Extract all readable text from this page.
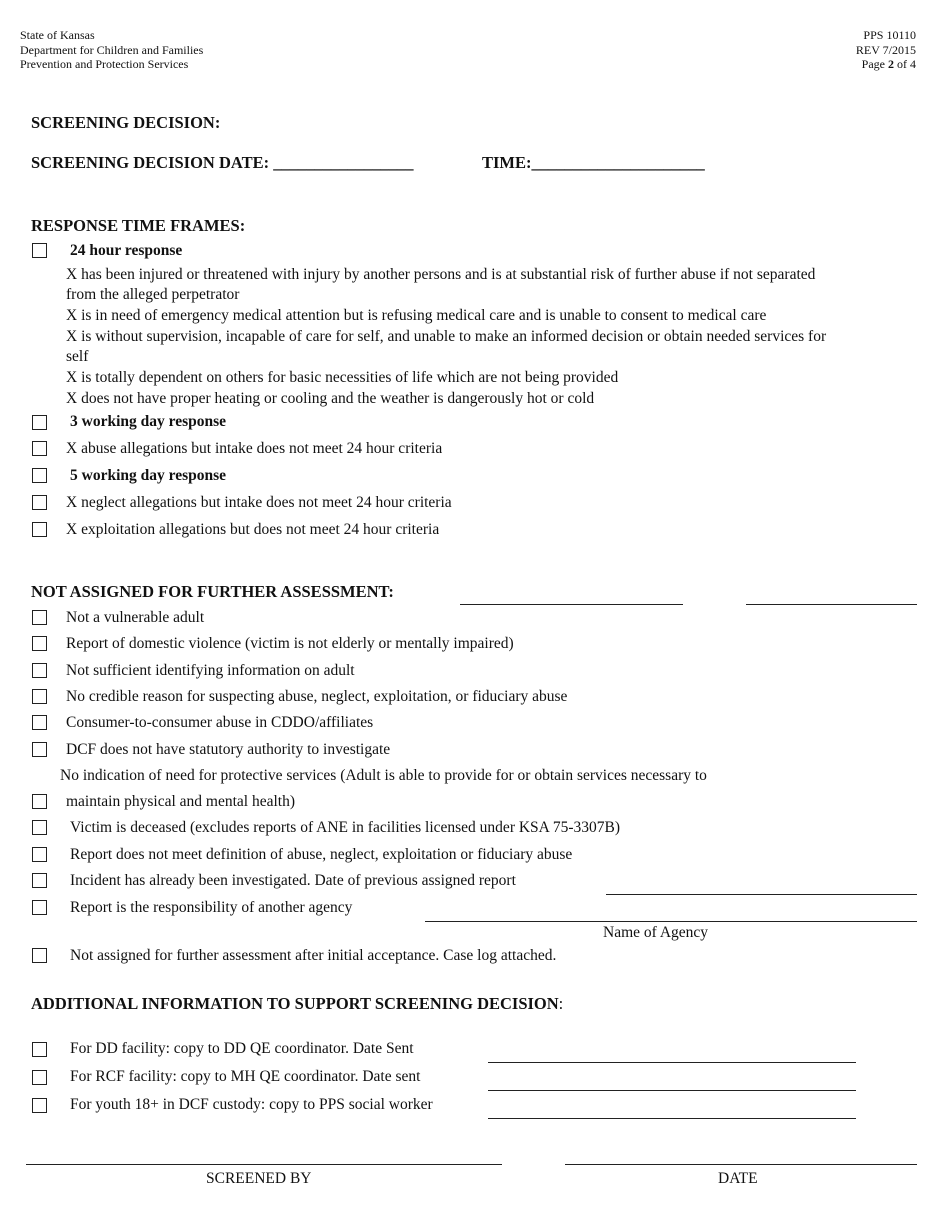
State of Kansas
Department for Children and Families
Prevention and Protection Services
PPS 10110
REV 7/2015
Page 2 of 4
SCREENING DECISION:
SCREENING DECISION DATE: _________________	TIME:_____________________
RESPONSE TIME FRAMES:
24 hour response
X has been injured or threatened with injury by another persons and is at substantial risk of further abuse if not separated
from the alleged perpetrator
X is in need of emergency medical attention but is refusing medical care and is unable to consent to medical care
X is without supervision, incapable of care for self, and unable to make an informed decision or obtain needed services for
self
X is totally dependent on others for basic necessities of life which are not being provided
X does not have proper heating or cooling and the weather is dangerously hot or cold
3 working day response
X abuse allegations but intake does not meet 24 hour criteria
5 working day response
X neglect allegations but intake does not meet 24 hour criteria
X exploitation allegations but does not meet 24 hour criteria
NOT ASSIGNED FOR FURTHER ASSESSMENT:
Not a vulnerable adult
Report of domestic violence (victim is not elderly or mentally impaired)
Not sufficient identifying information on adult
No credible reason for suspecting abuse, neglect, exploitation, or fiduciary abuse
Consumer-to-consumer abuse in CDDO/affiliates
DCF does not have statutory authority to investigate
No indication of need for protective services (Adult is able to provide for or obtain services necessary to
maintain physical and mental health)
Victim is deceased (excludes reports of ANE in facilities licensed under KSA 75-3307B)
Report does not meet definition of abuse, neglect, exploitation or fiduciary abuse
Incident has already been investigated. Date of previous assigned report
Report is the responsibility of another agency
Name of Agency
Not assigned for further assessment after initial acceptance. Case log attached.
ADDITIONAL INFORMATION TO SUPPORT SCREENING DECISION:
For DD facility: copy to DD QE coordinator. Date Sent
For RCF facility: copy to MH QE coordinator. Date sent
For youth 18+ in DCF custody: copy to PPS social worker
SCREENED BY	DATE
